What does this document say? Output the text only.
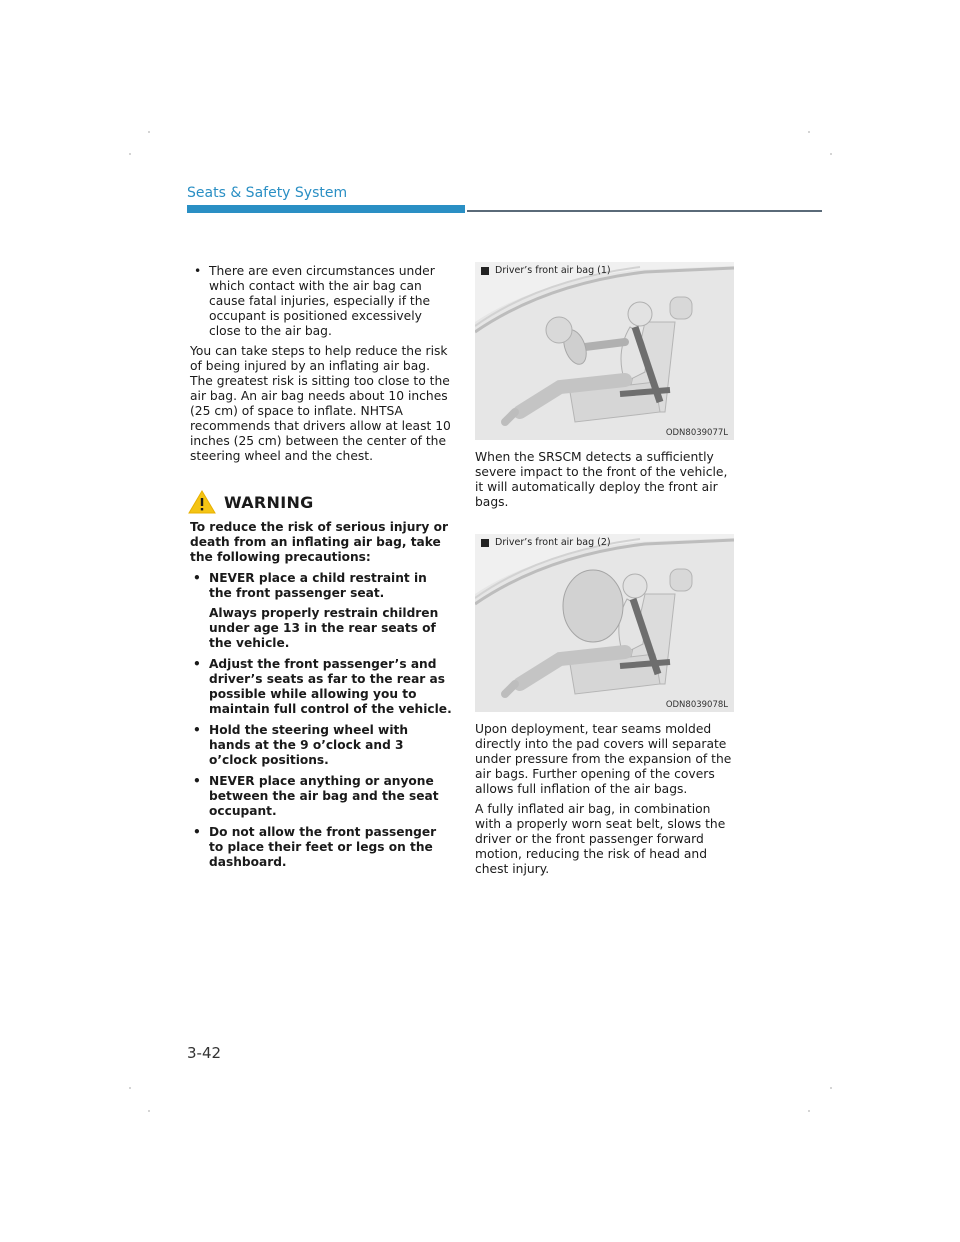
Seats & Safety System
• There are even circumstances under which contact with the air bag can cause fatal injuries, especially if the occupant is positioned excessively close to the air bag.
You can take steps to help reduce the risk of being injured by an inflating air bag. The greatest risk is sitting too close to the air bag. An air bag needs about 10 inches (25 cm) of space to inflate. NHTSA recommends that drivers allow at least 10 inches (25 cm) between the center of the steering wheel and the chest.
WARNING
To reduce the risk of serious injury or death from an inflating air bag, take the following precautions:
• NEVER place a child restraint in the front passenger seat.
Always properly restrain children under age 13 in the rear seats of the vehicle.
• Adjust the front passenger’s and driver’s seats as far to the rear as possible while allowing you to maintain full control of the vehicle.
• Hold the steering wheel with hands at the 9 o’clock and 3 o’clock positions.
• NEVER place anything or anyone between the air bag and the seat occupant.
• Do not allow the front passenger to place their feet or legs on the dashboard.
Driver’s front air bag (1)
ODN8039077L
When the SRSCM detects a sufficiently severe impact to the front of the vehicle, it will automatically deploy the front air bags.
Driver’s front air bag (2)
ODN8039078L
Upon deployment, tear seams molded directly into the pad covers will separate under pressure from the expansion of the air bags. Further opening of the covers allows full inflation of the air bags.
A fully inflated air bag, in combination with a properly worn seat belt, slows the driver or the front passenger forward motion, reducing the risk of head and chest injury.
3-42
